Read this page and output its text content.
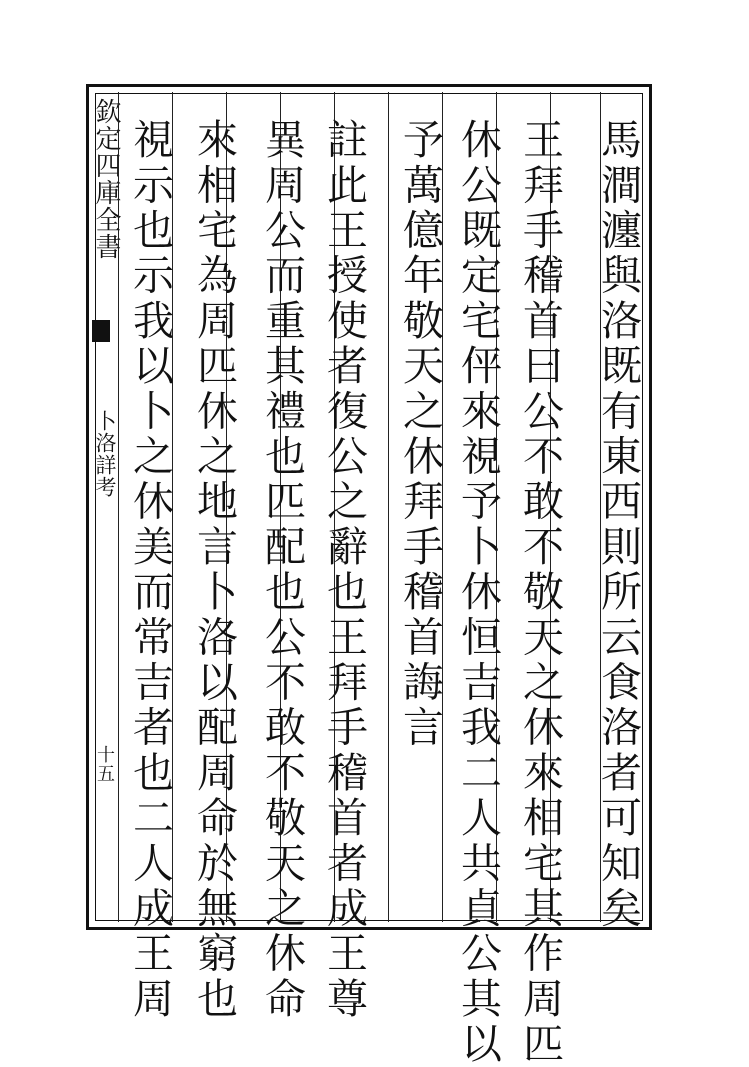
欽定四庫全書
卜洛詳考
十五	馬澗瀍與洛既有東西則所云食洛者可知矣
王拜手稽首曰公不敢不敬天之休來相宅其作周匹
休公既定宅伻來視予卜休恒吉我二人共貞公其以
予萬億年敬天之休拜手稽首誨言
註此王授使者復公之辭也王拜手稽首者成王尊
異周公而重其禮也匹配也公不敢不敬天之休命
來相宅為周匹休之地言卜洛以配周命於無窮也
視示也示我以卜之休美而常吉者也二人成王周
